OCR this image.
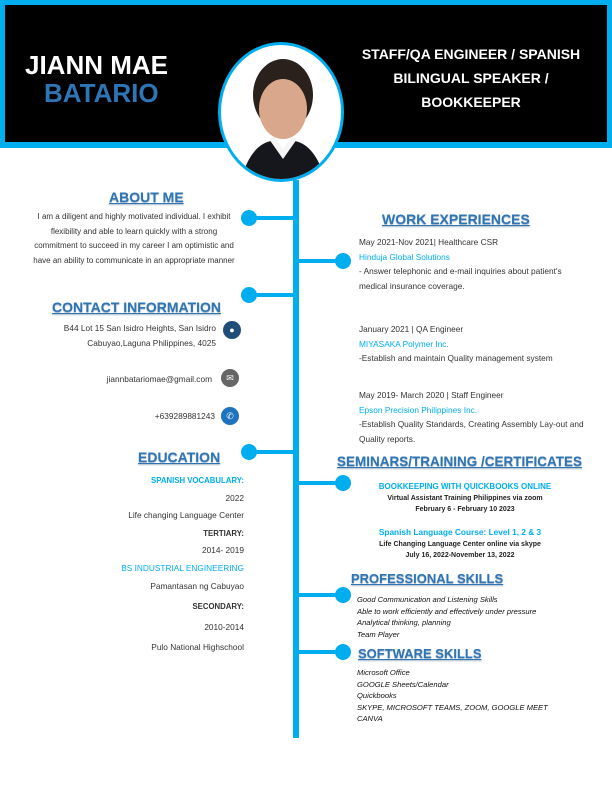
JIANN MAE
BATARIO
STAFF/QA ENGINEER / SPANISH
BILINGUAL SPEAKER /
BOOKKEEPER
ABOUT ME
I am a diligent and highly motivated individual. I exhibit flexibility and able to learn quickly with a strong commitment to succeed in my career I am optimistic and have an ability to communicate in an appropriate manner
CONTACT INFORMATION
B44 Lot 15 San Isidro Heights, San Isidro Cabuyao,Laguna Philippines, 4025
●
jiannbatariomae@gmail.com	✉
+639289881243	✆
EDUCATION
SPANISH VOCABULARY:
2022
Life changing Language Center
TERTIARY:
2014- 2019
BS INDUSTRIAL ENGINEERING
Pamantasan ng Cabuyao
SECONDARY:
2010-2014
Pulo National Highschool
WORK EXPERIENCES
May 2021-Nov 2021| Healthcare CSR
Hinduja Global Solutions
- Answer telephonic and e-mail inquiries about patient's medical insurance coverage.
January 2021 | QA Engineer
MIYASAKA Polymer Inc.
-Establish and maintain Quality management system
May 2019- March 2020 | Staff Engineer
Epson Precision Philippines Inc.
-Establish Quality Standards, Creating Assembly Lay-out and Quality reports.
SEMINARS/TRAINING /CERTIFICATES
BOOKKEEPING WITH QUICKBOOKS ONLINE
Virtual Assistant Training Philippines via zoom
February 6 - February 10 2023
Spanish Language Course: Level 1, 2 & 3
Life Changing Language Center online via skype
July 16, 2022-November 13, 2022
PROFESSIONAL SKILLS
Good Communication and Listening Skills
Able to work efficiently and effectively under pressure
Analytical thinking, planning
Team Player
SOFTWARE SKILLS
Microsoft Office
GOOGLE Sheets/Calendar
Quickbooks
SKYPE, MICROSOFT TEAMS, ZOOM, GOOGLE MEET
CANVA
